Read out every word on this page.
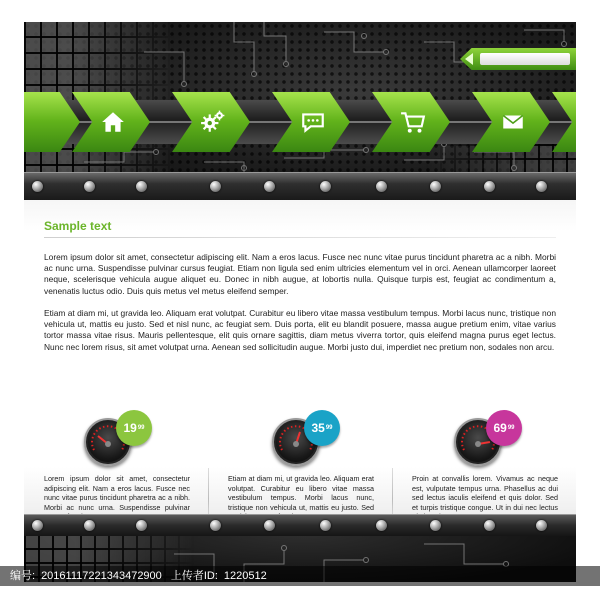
Sample text

Lorem ipsum dolor sit amet, consectetur adipiscing elit. Nam a eros lacus. Fusce nec nunc vitae purus tincidunt pharetra ac a nibh. Morbi ac nunc urna. Suspendisse pulvinar cursus feugiat. Etiam non ligula sed enim ultricies elementum vel in orci. Aenean ullamcorper laoreet neque, scelerisque vehicula augue aliquet eu. Donec in nibh augue, at lobortis nulla. Quisque turpis est, feugiat ac condimentum a, venenatis luctus odio. Duis quis metus vel metus eleifend semper.

Etiam at diam mi, ut gravida leo. Aliquam erat volutpat. Curabitur eu libero vitae massa vestibulum tempus. Morbi lacus nunc, tristique non vehicula ut, mattis eu justo. Sed et nisl nunc, ac feugiat sem. Duis porta, elit eu blandit posuere, massa augue pretium enim, vitae varius tortor massa vitae risus. Mauris pellentesque, elit quis ornare sagittis, diam metus viverra tortor, quis eleifend magna purus eget lectus. Nunc nec lorem risus, sit amet volutpat urna. Aenean sed sollicitudin augue. Morbi justo dui, imperdiet nec pretium non, sodales non arcu.

19 99

Lorem ipsum dolor sit amet, consectetur adipiscing elit. Nam a eros lacus. Fusce nec nunc vitae purus tincidunt pharetra ac a nibh. Morbi ac nunc urna. Suspendisse pulvinar

35 99

Etiam at diam mi, ut gravida leo. Aliquam erat volutpat. Curabitur eu libero vitae massa vestibulum tempus. Morbi lacus nunc, tristique non vehicula ut, mattis eu justo. Sed

69 99

Proin at convallis lorem. Vivamus ac neque est, vulputate tempus urna. Phasellus ac dui sed lectus iaculis eleifend et quis dolor. Sed et turpis tristique congue. Ut in dui nec lectus

编号: 20161117221343472900 上传者ID: 1220512
